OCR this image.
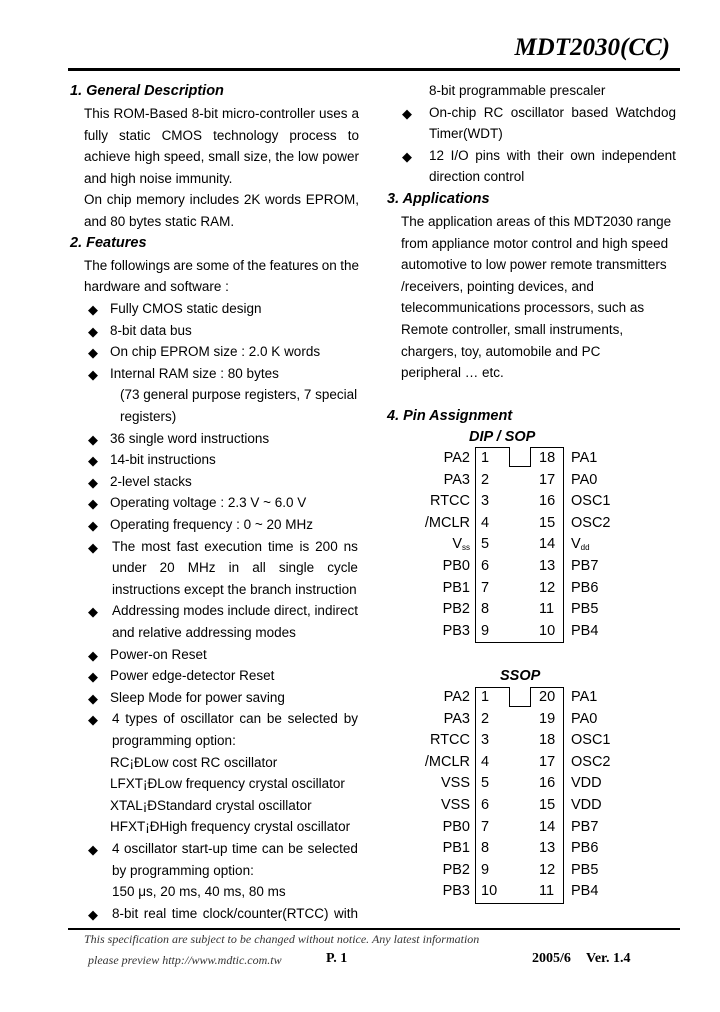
MDT2030(CC)
1. General Description
This ROM-Based 8-bit micro-controller uses a
fully static CMOS technology process to
achieve high speed, small size, the low power
and high noise immunity.
On chip memory includes 2K words EPROM,
and 80 bytes static RAM.
2. Features
The followings are some of the features on the
hardware and software :
◆ Fully CMOS static design
◆ 8-bit data bus
◆ On chip EPROM size : 2.0 K words
◆ Internal RAM size : 80 bytes
(73 general purpose registers, 7 special
registers)
◆ 36 single word instructions
◆ 14-bit instructions
◆ 2-level stacks
◆ Operating voltage : 2.3 V ~ 6.0 V
◆ Operating frequency : 0 ~ 20 MHz
◆ The most fast execution time is 200 ns
under 20 MHz in all single cycle
instructions except the branch instruction
◆ Addressing modes include direct, indirect
and relative addressing modes
◆ Power-on Reset
◆ Power edge-detector Reset
◆ Sleep Mode for power saving
◆ 4 types of oscillator can be selected by
programming option:
RC¡ÐLow cost RC oscillator
LFXT¡ÐLow frequency crystal oscillator
XTAL¡ÐStandard crystal oscillator
HFXT¡ÐHigh frequency crystal oscillator
◆ 4 oscillator start-up time can be selected
by programming option:
150 μs, 20 ms, 40 ms, 80 ms
◆ 8-bit real time clock/counter(RTCC) with
8-bit programmable prescaler
◆ On-chip RC oscillator based Watchdog
Timer(WDT)
◆ 12 I/O pins with their own independent
direction control
3. Applications
The application areas of this MDT2030 range
from appliance motor control and high speed
automotive to low power remote transmitters
/receivers, pointing devices, and
telecommunications processors, such as
Remote controller, small instruments,
chargers, toy, automobile and PC
peripheral … etc.
4. Pin Assignment
DIP / SOP
PA2 1
PA3 2
RTCC 3
/MCLR 4
$V_{ss}$ 5
PB0 6
PB1 7
PB2 8
PB3 9
18 PA1
17 PA0
16 OSC1
15 OSC2
14 $V_{dd}$
13 PB7
12 PB6
11 PB5
10 PB4
SSOP
PA2 1
PA3 2
RTCC 3
/MCLR 4
VSS 5
VSS 6
PB0 7
PB1 8
PB2 9
PB3 10
20 PA1
19 PA0
18 OSC1
17 OSC2
16 VDD
15 VDD
14 PB7
13 PB6
12 PB5
11 PB4
This specification are subject to be changed without notice. Any latest information
please preview http://www.mdtic.com.tw	P. 1	2005/6 Ver. 1.4
